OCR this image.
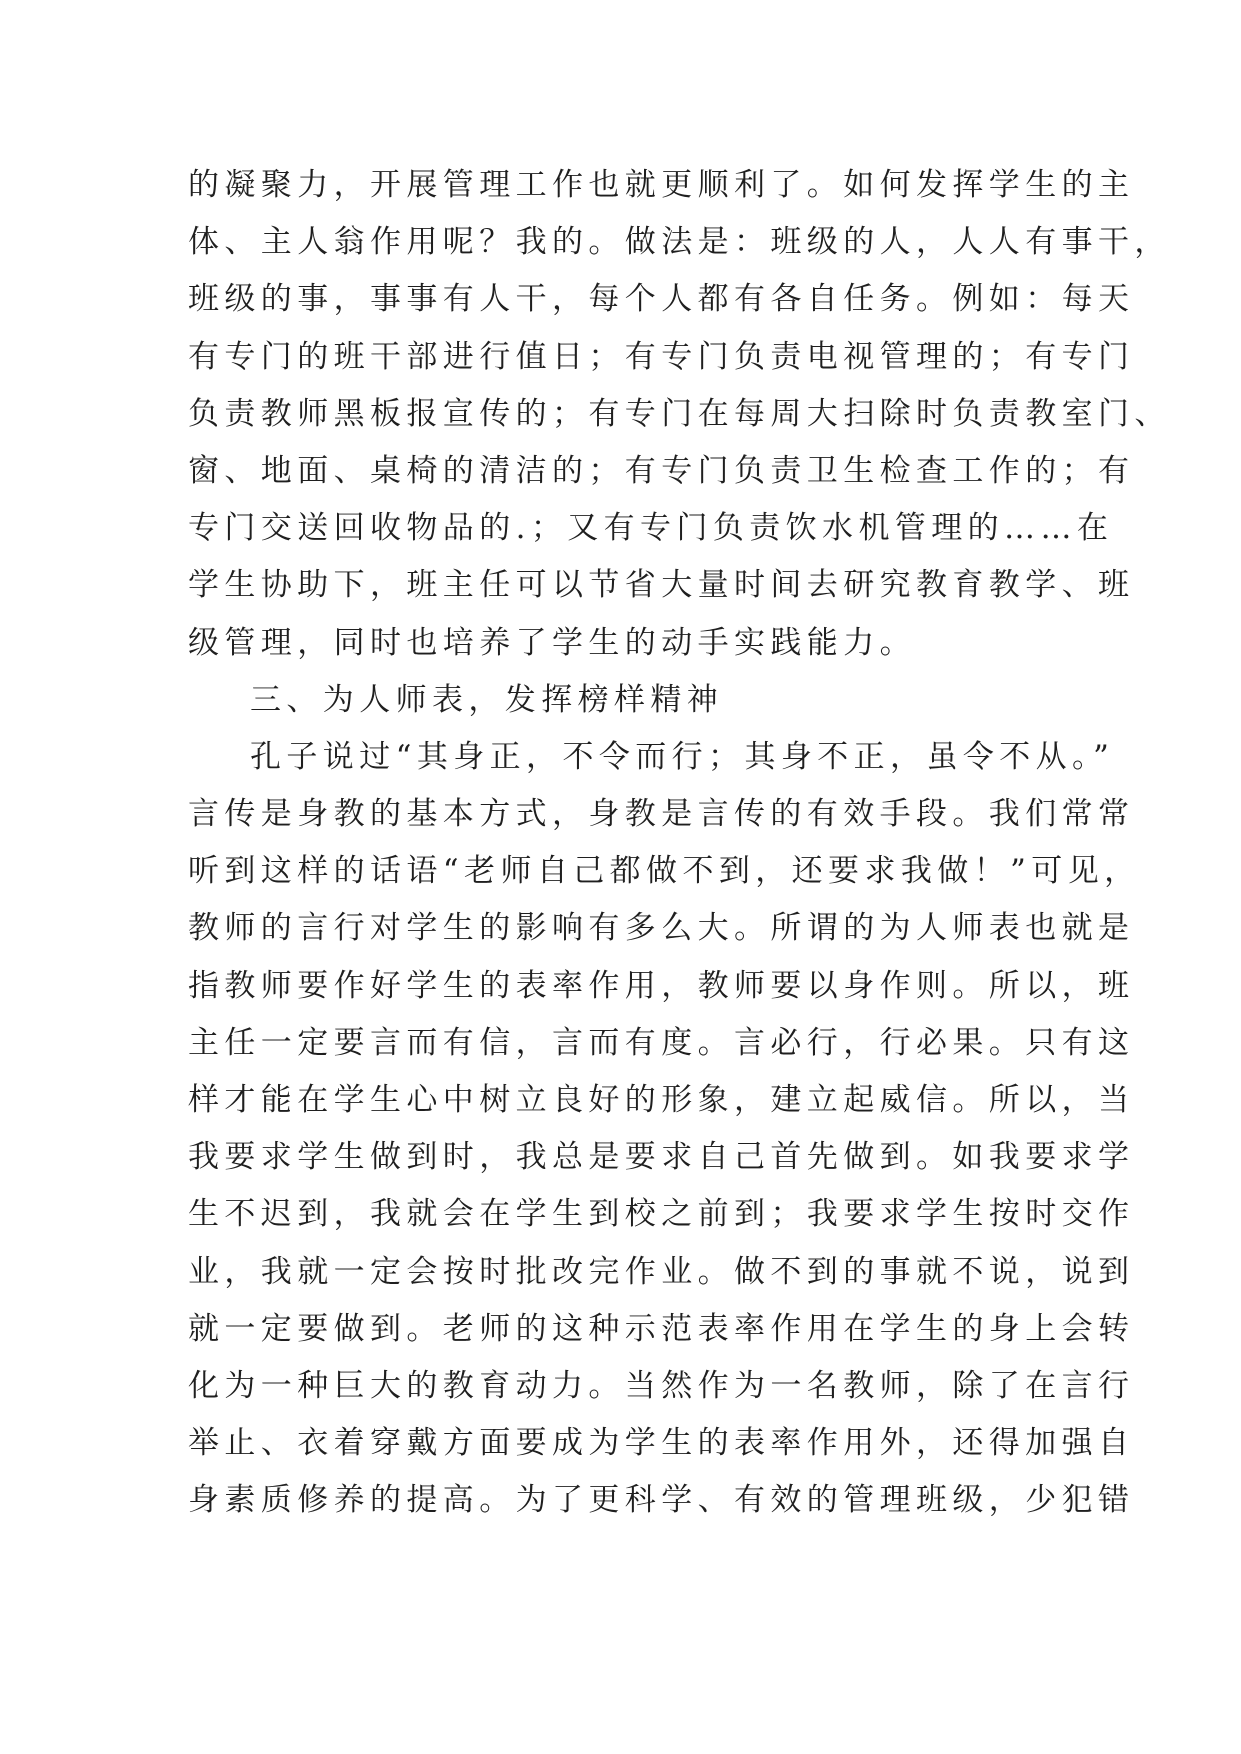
的凝聚力，开展管理工作也就更顺利了。如何发挥学生的主
体、主人翁作用呢？我的。做法是：班级的人，人人有事干，
班级的事，事事有人干，每个人都有各自任务。例如：每天
有专门的班干部进行值日；有专门负责电视管理的；有专门
负责教师黑板报宣传的；有专门在每周大扫除时负责教室门、
窗、地面、桌椅的清洁的；有专门负责卫生检查工作的；有
专门交送回收物品的.；又有专门负责饮水机管理的……在
学生协助下，班主任可以节省大量时间去研究教育教学、班
级管理，同时也培养了学生的动手实践能力。
三、为人师表，发挥榜样精神
孔子说过“其身正，不令而行；其身不正，虽令不从。”
言传是身教的基本方式，身教是言传的有效手段。我们常常
听到这样的话语“老师自己都做不到，还要求我做！”可见，
教师的言行对学生的影响有多么大。所谓的为人师表也就是
指教师要作好学生的表率作用，教师要以身作则。所以，班
主任一定要言而有信，言而有度。言必行，行必果。只有这
样才能在学生心中树立良好的形象，建立起威信。所以，当
我要求学生做到时，我总是要求自己首先做到。如我要求学
生不迟到，我就会在学生到校之前到；我要求学生按时交作
业，我就一定会按时批改完作业。做不到的事就不说，说到
就一定要做到。老师的这种示范表率作用在学生的身上会转
化为一种巨大的教育动力。当然作为一名教师，除了在言行
举止、衣着穿戴方面要成为学生的表率作用外，还得加强自
身素质修养的提高。为了更科学、有效的管理班级，少犯错
